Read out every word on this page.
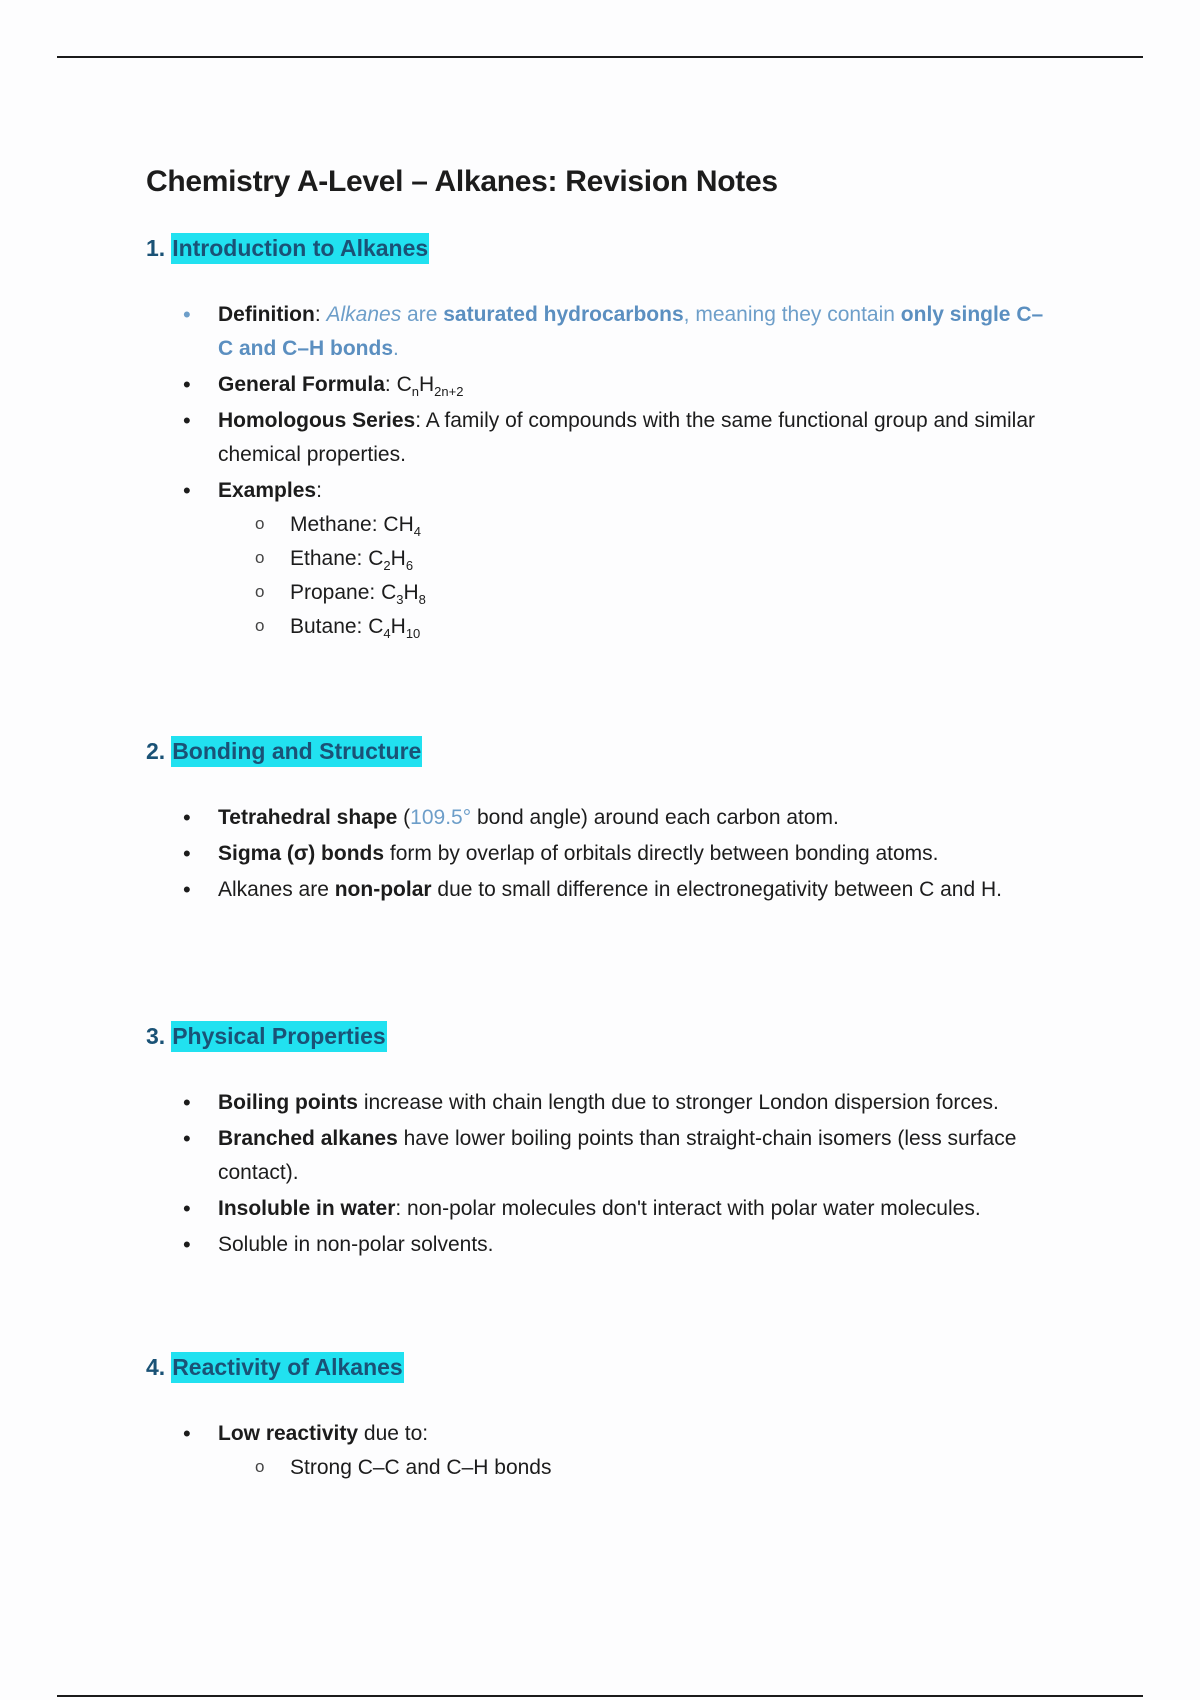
Chemistry A-Level – Alkanes: Revision Notes
1. Introduction to Alkanes
• Definition: Alkanes are saturated hydrocarbons, meaning they contain only single C–C and C–H bonds.
• General Formula: $C_nH_{2n+2}$
• Homologous Series: A family of compounds with the same functional group and similar chemical properties.
• Examples:
o Methane: $CH_4$
o Ethane: $C_2H_6$
o Propane: $C_3H_8$
o Butane: $C_4H_{10}$
2. Bonding and Structure
• Tetrahedral shape (109.5° bond angle) around each carbon atom.
• Sigma (σ) bonds form by overlap of orbitals directly between bonding atoms.
• Alkanes are non-polar due to small difference in electronegativity between C and H.
3. Physical Properties
• Boiling points increase with chain length due to stronger London dispersion forces.
• Branched alkanes have lower boiling points than straight-chain isomers (less surface contact).
• Insoluble in water: non-polar molecules don't interact with polar water molecules.
• Soluble in non-polar solvents.
4. Reactivity of Alkanes
• Low reactivity due to:
o Strong C–C and C–H bonds
